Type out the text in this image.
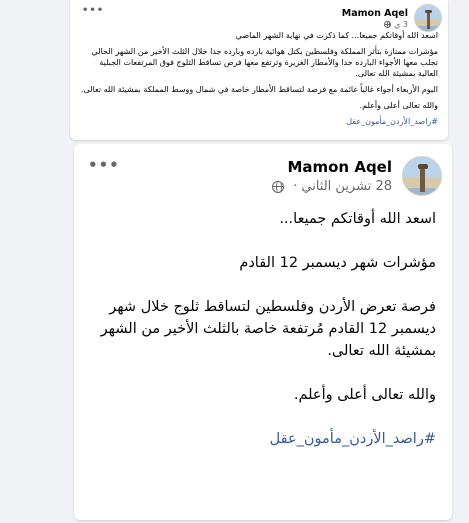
Mamon Aqel
3 ي
•••

اسعد الله أوقاتكم جميعا... كما ذكرت في نهاية الشهر الماضي

مؤشرات ممتازة بتأثر المملكة وفلسطين بكتل هوائية بارده وبارده جدا خلال الثلث الأخير من الشهر الحالي تجلب معها الأجواء البارده جدا والأمطار الغزيرة وترتفع معها فرص تساقط الثلوج فوق المرتفعات الجبلية العالية بمشيئة الله تعالى.

اليوم الأربعاء أجواء غالباً غائمة مع فرصة لتساقط الأمطار خاصة في شمال ووسط المملكة بمشيئة الله تعالى.

والله تعالى أعلى وأعلم.

#راصد_الأردن_مأمون_عقل

Mamon Aqel
28 تشرين الثاني
·
•••

اسعد الله أوقاتكم جميعا...

مؤشرات شهر ديسمبر 12 القادم

فرصة تعرض الأردن وفلسطين لتساقط ثلوج خلال شهر ديسمبر 12 القادم مُرتفعة خاصة بالثلث الأخير من الشهر بمشيئة الله تعالى.

والله تعالى أعلى وأعلم.

#راصد_الأردن_مأمون_عقل
